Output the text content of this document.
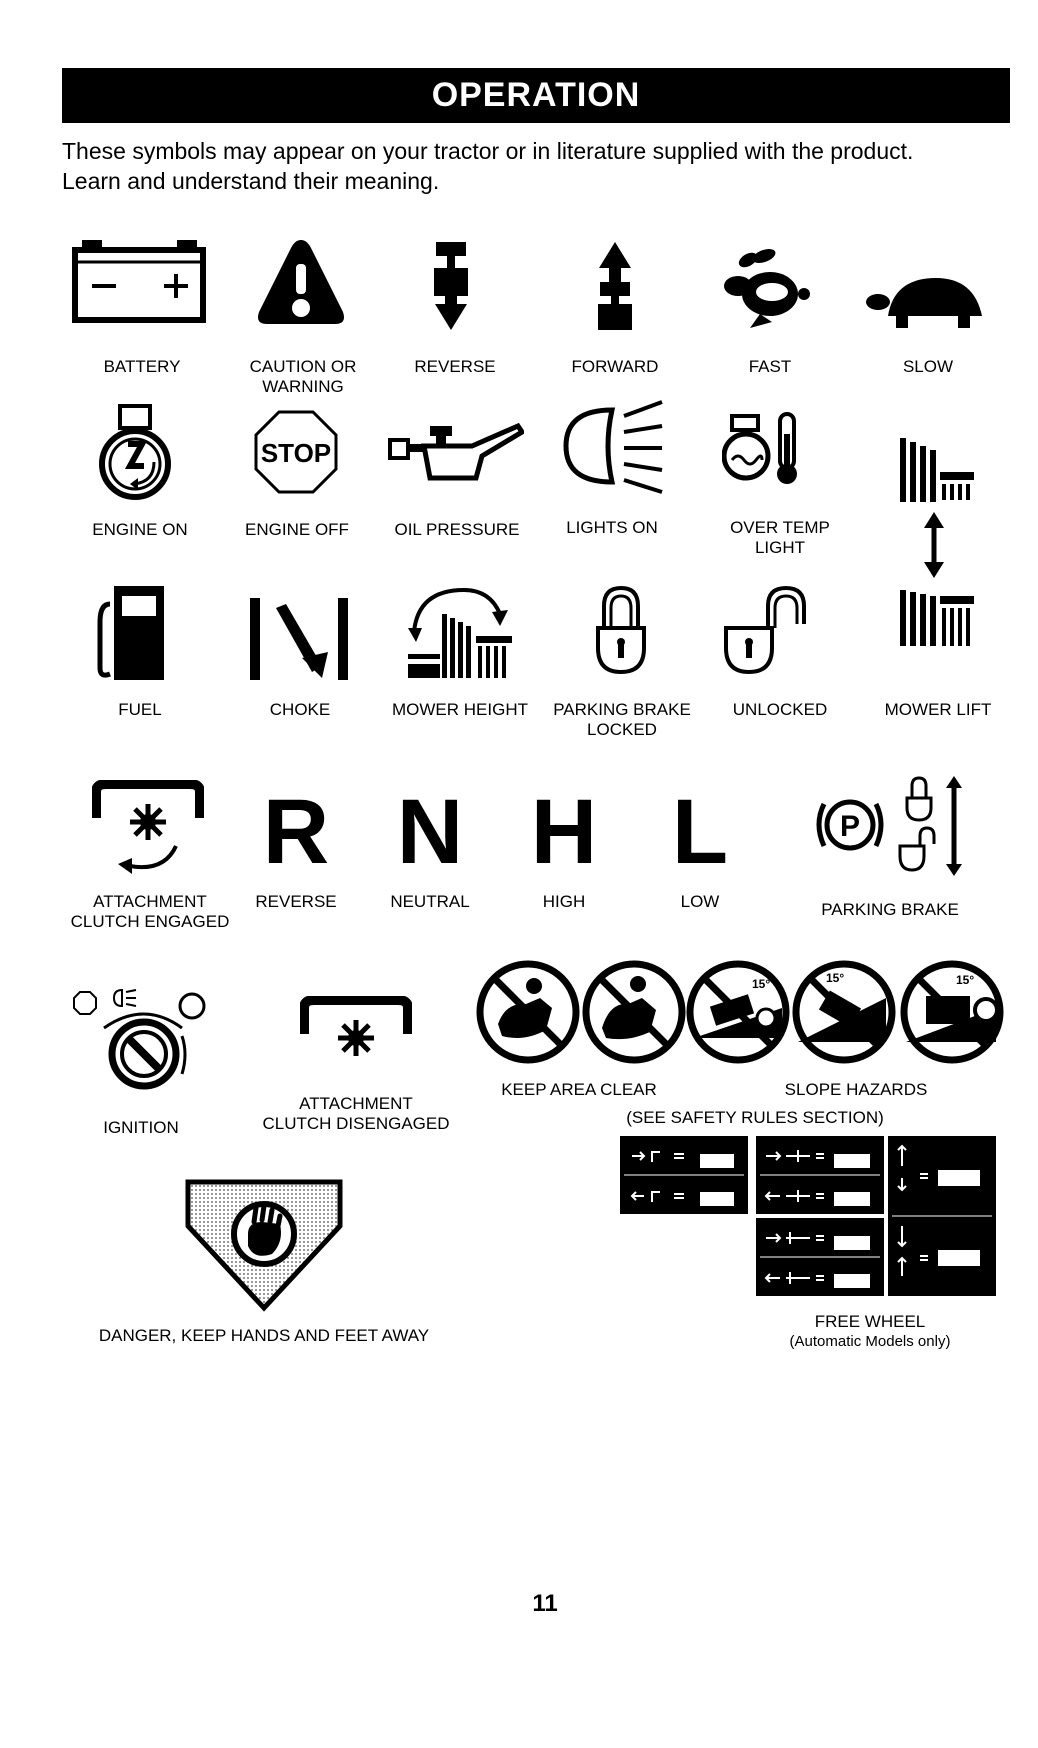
OPERATION
These symbols may appear on your tractor or in literature supplied with the product.
Learn and understand their meaning.
BATTERY	CAUTION OR
WARNING
REVERSE	FORWARD	FAST	SLOW
ENGINE ON
STOP
ENGINE OFF	OIL PRESSURE	LIGHTS ON	OVER TEMP
LIGHT
FUEL	CHOKE	MOWER HEIGHT	PARKING BRAKE
LOCKED
UNLOCKED	MOWER LIFT
ATTACHMENT
CLUTCH ENGAGED
R
REVERSE
N
NEUTRAL
H
HIGH
L
LOW
P
PARKING BRAKE
IGNITION
ATTACHMENT
CLUTCH DISENGAGED
15°	15°	15°
KEEP AREA CLEAR	SLOPE HAZARDS
(SEE SAFETY RULES SECTION)
FREE WHEEL
(Automatic Models only)
DANGER, KEEP HANDS AND FEET AWAY
11
